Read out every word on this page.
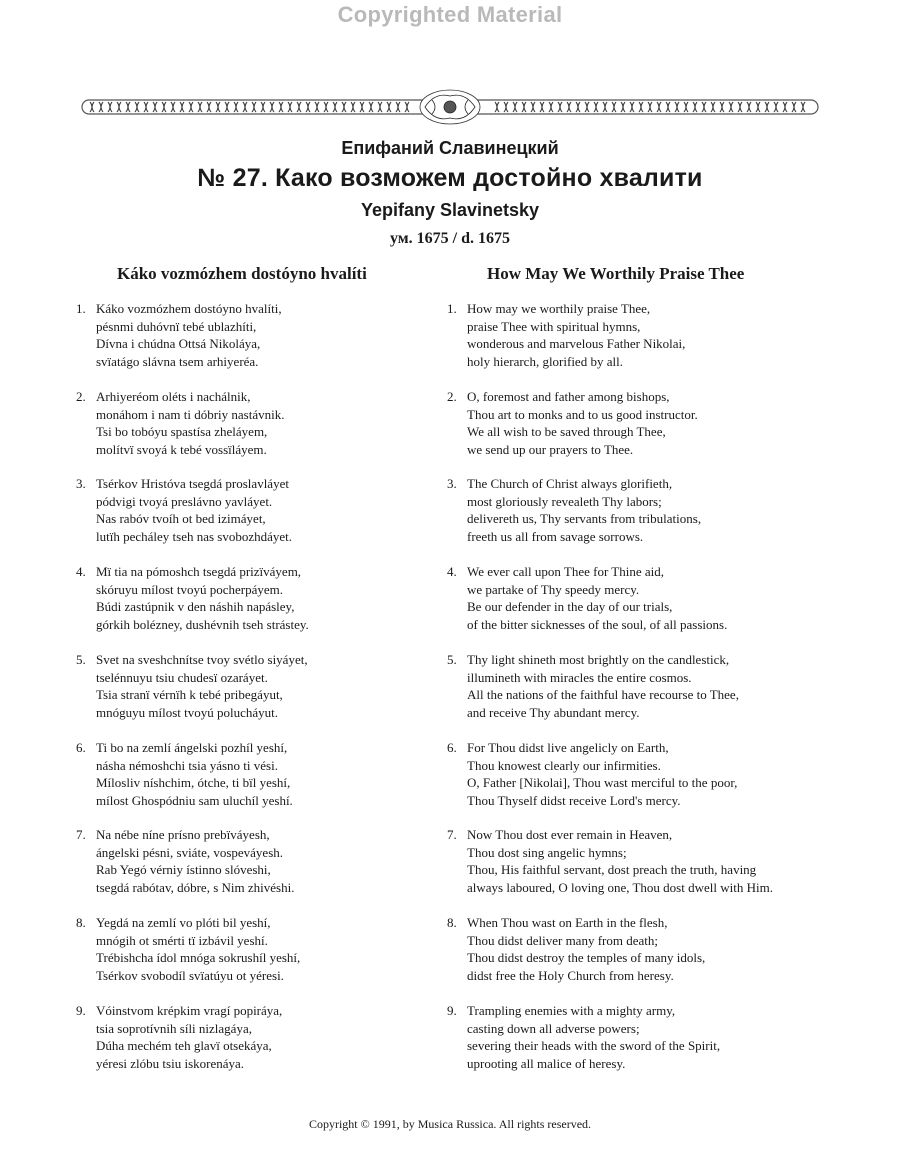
Copyrighted Material
Епифаний Славинецкий
№ 27. Како возможем достойно хвалити
Yepifany Slavinetsky
ум. 1675 / d. 1675
Káko vozmózhem dostóyno hvalíti	How May We Worthily Praise Thee
1. Káko vozmózhem dostóyno hvalíti,
pésnmi duhóvnï tebé ublazhíti,
Dívna i chúdna Ottsá Nikoláya,
svïatágo slávna tsem arhiyeréa.
2. Arhiyeréom oléts i nachálnik,
monáhom i nam ti dóbriy nastávnik.
Tsi bo tobóyu spastísa zheláyem,
molítvï svoyá k tebé vossïláyem.
3. Tsérkov Hristóva tsegdá proslavláyet
pódvigi tvoyá preslávno yavláyet.
Nas rabóv tvoíh ot bed izimáyet,
lutïh pecháley tseh nas svobozhdáyet.
4. Mï tia na pómoshch tsegdá prizïváyem,
skóruyu mílost tvoyú pocherpáyem.
Búdi zastúpnik v den náshih napásley,
górkih bolézney, dushévnih tseh strástey.
5. Svet na sveshchnítse tvoy svétlo siyáyet,
tselénnuyu tsiu chudesï ozaráyet.
Tsia stranï vérnïh k tebé pribegáyut,
mnóguyu mílost tvoyú polucháyut.
6. Ti bo na zemlí ángelski pozhíl yeshí,
násha némoshchi tsia yásno ti vési.
Mílosliv níshchim, ótche, ti bïl yeshí,
mílost Ghospódniu sam uluchíl yeshí.
7. Na nébe níne prísno prebïváyesh,
ángelski pésni, sviáte, vospeváyesh.
Rab Yegó vérniy ístinno slóveshi,
tsegdá rabótav, dóbre, s Nim zhivéshi.
8. Yegdá na zemlí vo plóti bil yeshí,
mnógih ot smérti tï izbávil yeshí.
Trébishcha ídol mnóga sokrushíl yeshí,
Tsérkov svobodíl svïatúyu ot yéresi.
9. Vóinstvom krépkim vragí popiráya,
tsia soprotívnih síli nizlagáya,
Dúha mechém teh glavï otsekáya,
yéresi zlóbu tsiu iskorenáya.
1. How may we worthily praise Thee,
praise Thee with spiritual hymns,
wonderous and marvelous Father Nikolai,
holy hierarch, glorified by all.
2. O, foremost and father among bishops,
Thou art to monks and to us good instructor.
We all wish to be saved through Thee,
we send up our prayers to Thee.
3. The Church of Christ always glorifieth,
most gloriously revealeth Thy labors;
delivereth us, Thy servants from tribulations,
freeth us all from savage sorrows.
4. We ever call upon Thee for Thine aid,
we partake of Thy speedy mercy.
Be our defender in the day of our trials,
of the bitter sicknesses of the soul, of all passions.
5. Thy light shineth most brightly on the candlestick,
illumineth with miracles the entire cosmos.
All the nations of the faithful have recourse to Thee,
and receive Thy abundant mercy.
6. For Thou didst live angelicly on Earth,
Thou knowest clearly our infirmities.
O, Father [Nikolai], Thou wast merciful to the poor,
Thou Thyself didst receive Lord's mercy.
7. Now Thou dost ever remain in Heaven,
Thou dost sing angelic hymns;
Thou, His faithful servant, dost preach the truth, having
always laboured, O loving one, Thou dost dwell with Him.
8. When Thou wast on Earth in the flesh,
Thou didst deliver many from death;
Thou didst destroy the temples of many idols,
didst free the Holy Church from heresy.
9. Trampling enemies with a mighty army,
casting down all adverse powers;
severing their heads with the sword of the Spirit,
uprooting all malice of heresy.
Copyright © 1991, by Musica Russica. All rights reserved.
